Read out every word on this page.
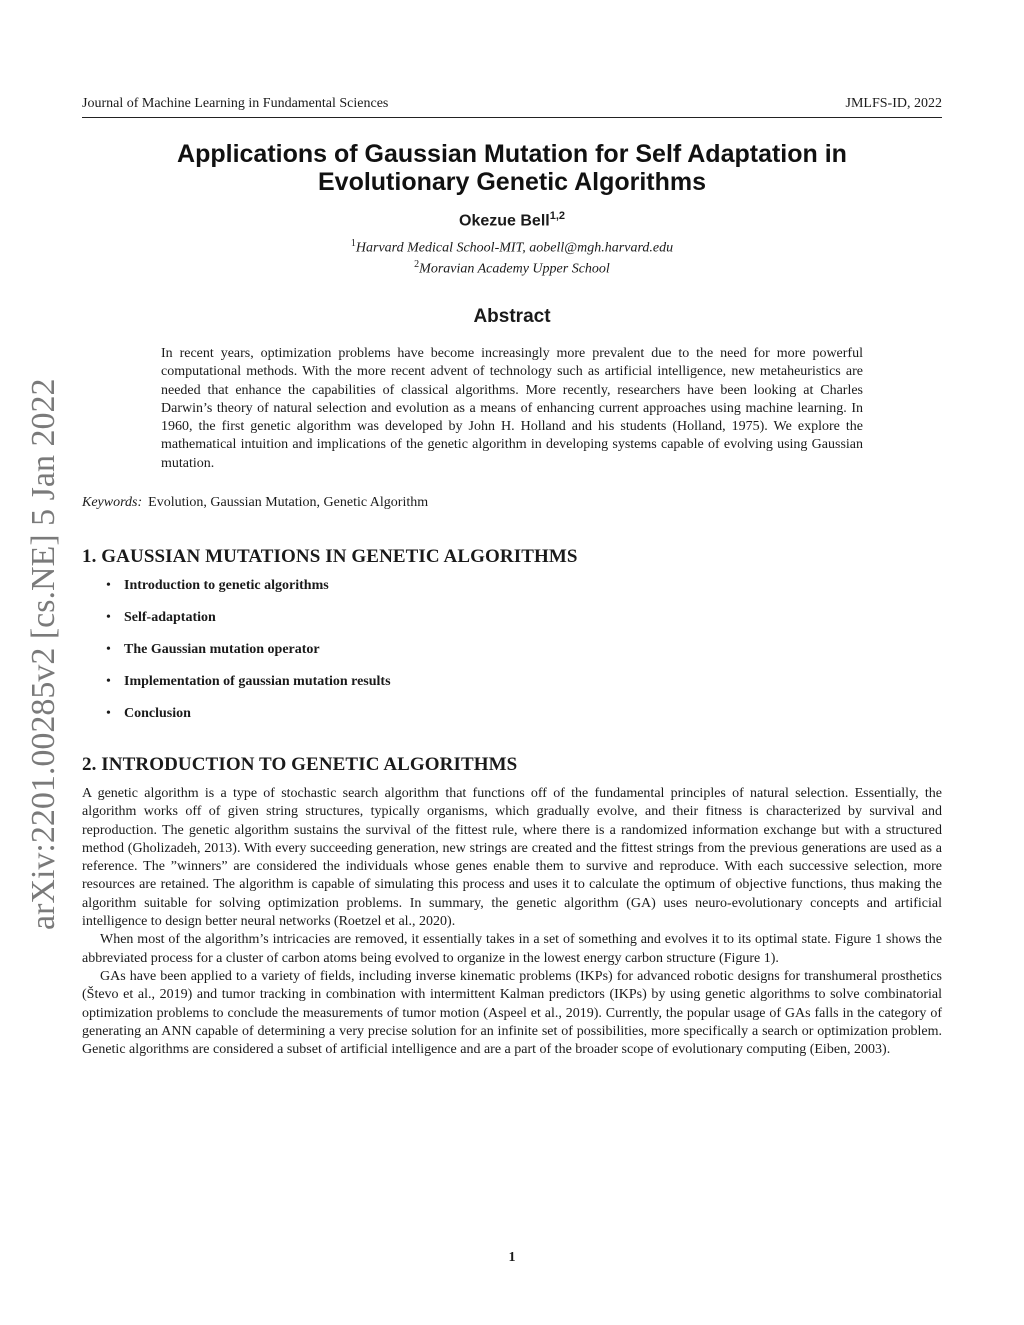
Journal of Machine Learning in Fundamental Sciences	JMLFS-ID, 2022
Applications of Gaussian Mutation for Self Adaptation in Evolutionary Genetic Algorithms
Okezue Bell$^{1,2}$
$^1$Harvard Medical School-MIT, aobell@mgh.harvard.edu
$^2$Moravian Academy Upper School
Abstract
In recent years, optimization problems have become increasingly more prevalent due to the need for more powerful computational methods. With the more recent advent of technology such as artificial intelligence, new metaheuristics are needed that enhance the capabilities of classical algorithms. More recently, researchers have been looking at Charles Darwin’s theory of natural selection and evolution as a means of enhancing current approaches using machine learning. In 1960, the first genetic algorithm was developed by John H. Holland and his students (Holland, 1975). We explore the mathematical intuition and implications of the genetic algorithm in developing systems capable of evolving using Gaussian mutation.
Keywords: Evolution, Gaussian Mutation, Genetic Algorithm
1. GAUSSIAN MUTATIONS IN GENETIC ALGORITHMS
• Introduction to genetic algorithms
• Self-adaptation
• The Gaussian mutation operator
• Implementation of gaussian mutation results
• Conclusion
2. INTRODUCTION TO GENETIC ALGORITHMS

A genetic algorithm is a type of stochastic search algorithm that functions off of the fundamental principles of natural selection. Essentially, the algorithm works off of given string structures, typically organisms, which gradually evolve, and their fitness is characterized by survival and reproduction. The genetic algorithm sustains the survival of the fittest rule, where there is a randomized information exchange but with a structured method (Gholizadeh, 2013). With every succeeding generation, new strings are created and the fittest strings from the previous generations are used as a reference. The ”winners” are considered the individuals whose genes enable them to survive and reproduce. With each successive selection, more resources are retained. The algorithm is capable of simulating this process and uses it to calculate the optimum of objective functions, thus making the algorithm suitable for solving optimization problems. In summary, the genetic algorithm (GA) uses neuro-evolutionary concepts and artificial intelligence to design better neural networks (Roetzel et al., 2020).

When most of the algorithm’s intricacies are removed, it essentially takes in a set of something and evolves it to its optimal state. Figure 1 shows the abbreviated process for a cluster of carbon atoms being evolved to organize in the lowest energy carbon structure (Figure 1).

GAs have been applied to a variety of fields, including inverse kinematic problems (IKPs) for advanced robotic designs for transhumeral prosthetics (Števo et al., 2019) and tumor tracking in combination with intermittent Kalman predictors (IKPs) by using genetic algorithms to solve combinatorial optimization problems to conclude the measurements of tumor motion (Aspeel et al., 2019). Currently, the popular usage of GAs falls in the category of generating an ANN capable of determining a very precise solution for an infinite set of possibilities, more specifically a search or optimization problem. Genetic algorithms are considered a subset of artificial intelligence and are a part of the broader scope of evolutionary computing (Eiben, 2003).

arXiv:2201.00285v2 [cs.NE] 5 Jan 2022
1
